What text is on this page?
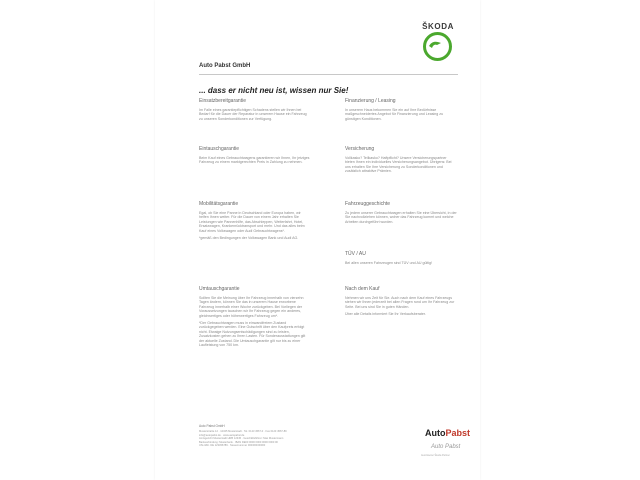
ŠKODA
Auto Pabst GmbH
... dass er nicht neu ist, wissen nur Sie!
Einsatzbereitgarantie

Im Falle eines garantiepflichtigen Schadens stellen wir Ihnen bei Bedarf für die Dauer der Reparatur in unserem Hause ein Fahrzeug zu unseren Sonderkonditionen zur Verfügung.

Eintauschgarantie

Beim Kauf eines Gebrauchtwagens garantieren wir Ihnen, Ihr jetziges Fahrzeug zu einem marktgerechten Preis in Zahlung zu nehmen.

Mobilitätsgarantie

Egal, ob Sie eine Panne in Deutschland oder Europa haben, wir helfen Ihnen weiter. Für die Dauer von einem Jahr erhalten Sie Leistungen wie Pannenhilfe, das Abschleppen, Weiterfahrt, Hotel, Ersatzwagen, Krankenrücktransport und mehr. Und das alles beim Kauf eines Volkswagen oder Audi Gebrauchtwagens*.

*gemäß den Bedingungen der Volkswagen Bank und Audi AG.

Umtauschgarantie

Sollten Sie die Meinung über Ihr Fahrzeug innerhalb von vierzehn Tagen ändern, können Sie das in unserem Hause erworbene Fahrzeug innerhalb einer Woche zurückgeben. Bei Vorliegen der Voraussetzungen tauschen wir Ihr Fahrzeug gegen ein anderes, gleichwertiges oder höherwertiges Fahrzeug um*.

*Der Gebrauchtwagen muss in einwandfreiem Zustand zurückgegeben werden. Eine Gutschrift über den Kaufpreis erfolgt nicht. Etwaige Nutzungsentschädigungen sind zu leisten, Zusatzkosten gehen zu Ihren Lasten. Für Sonderausstattungen gilt der aktuelle Zustand. Die Umtauschgarantie gilt nur bis zu einer Laufleistung von 750 km.

Finanzierung / Leasing

In unserem Haus bekommen Sie ein auf Ihre Bedürfnisse maßgeschneidertes Angebot für Finanzierung und Leasing zu günstigen Konditionen.

Versicherung

Vollkasko? Teilkasko? Haftpflicht? Unsere Versicherungspartner bieten Ihnen ein individuelles Versicherungsangebot. Übrigens: Bei uns erhalten Sie Ihre Versicherung zu Sonderkonditionen und zusätzlich attraktive Prämien.

Fahrzeuggeschichte

Zu jedem unserer Gebrauchtwagen erhalten Sie eine Übersicht, in der Sie nachvollziehen können, woher das Fahrzeug kommt und welche Arbeiten durchgeführt wurden.

TÜV / AU

Bei allen unseren Fahrzeugen sind TÜV und AU gültig!

Nach dem Kauf

Nehmen wir uns Zeit für Sie. Auch nach dem Kauf eines Fahrzeugs stehen wir Ihnen jederzeit bei allen Fragen rund um Ihr Fahrzeug zur Seite. Bei uns sind Sie in guten Händen.

Über alle Details informiert Sie Ihr Verkaufsberater.

Auto Pabst GmbH
Musterstraße 12 · 12345 Musterstadt · Tel. 0123 4567-0 · Fax 0123 4567-89
info@autopabst.de · www.autopabst.de
Amtsgericht Musterstadt HRB 12345 · Geschäftsführer: Max Mustermann
Bankverbindung: Musterbank · IBAN DE00 0000 0000 0000 0000 00
USt-IdNr. DE 123456789 · Steuernummer 000/000/00000
AutoPabst
Auto Pabst
Autorisierter Škoda Partner
